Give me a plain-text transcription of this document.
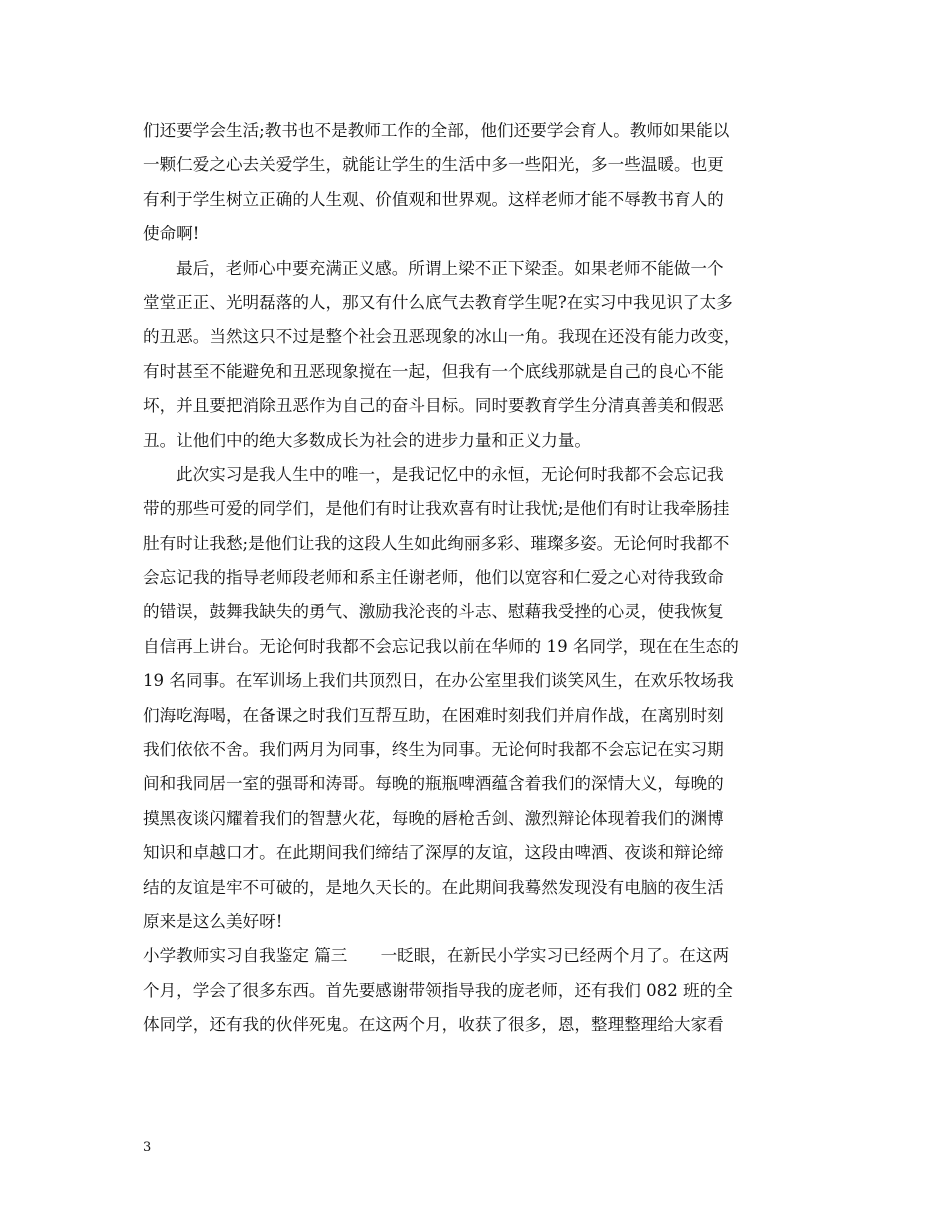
们还要学会生活;教书也不是教师工作的全部，他们还要学会育人。教师如果能以
一颗仁爱之心去关爱学生，就能让学生的生活中多一些阳光，多一些温暖。也更
有利于学生树立正确的人生观、价值观和世界观。这样老师才能不辱教书育人的
使命啊!
最后，老师心中要充满正义感。所谓上梁不正下梁歪。如果老师不能做一个
堂堂正正、光明磊落的人，那又有什么底气去教育学生呢?在实习中我见识了太多
的丑恶。当然这只不过是整个社会丑恶现象的冰山一角。我现在还没有能力改变，
有时甚至不能避免和丑恶现象搅在一起，但我有一个底线那就是自己的良心不能
坏，并且要把消除丑恶作为自己的奋斗目标。同时要教育学生分清真善美和假恶
丑。让他们中的绝大多数成长为社会的进步力量和正义力量。
此次实习是我人生中的唯一，是我记忆中的永恒，无论何时我都不会忘记我
带的那些可爱的同学们，是他们有时让我欢喜有时让我忧;是他们有时让我牵肠挂
肚有时让我愁;是他们让我的这段人生如此绚丽多彩、璀璨多姿。无论何时我都不
会忘记我的指导老师段老师和系主任谢老师，他们以宽容和仁爱之心对待我致命
的错误，鼓舞我缺失的勇气、激励我沦丧的斗志、慰藉我受挫的心灵，使我恢复
自信再上讲台。无论何时我都不会忘记我以前在华师的 19 名同学，现在在生态的
19 名同事。在军训场上我们共顶烈日，在办公室里我们谈笑风生，在欢乐牧场我
们海吃海喝，在备课之时我们互帮互助，在困难时刻我们并肩作战，在离别时刻
我们依依不舍。我们两月为同事，终生为同事。无论何时我都不会忘记在实习期
间和我同居一室的强哥和涛哥。每晚的瓶瓶啤酒蕴含着我们的深情大义，每晚的
摸黑夜谈闪耀着我们的智慧火花，每晚的唇枪舌剑、激烈辩论体现着我们的渊博
知识和卓越口才。在此期间我们缔结了深厚的友谊，这段由啤酒、夜谈和辩论缔
结的友谊是牢不可破的，是地久天长的。在此期间我蓦然发现没有电脑的夜生活
原来是这么美好呀!
小学教师实习自我鉴定 篇三　　一眨眼，在新民小学实习已经两个月了。在这两
个月，学会了很多东西。首先要感谢带领指导我的庞老师，还有我们 082 班的全
体同学，还有我的伙伴死鬼。在这两个月，收获了很多，恩，整理整理给大家看
3
